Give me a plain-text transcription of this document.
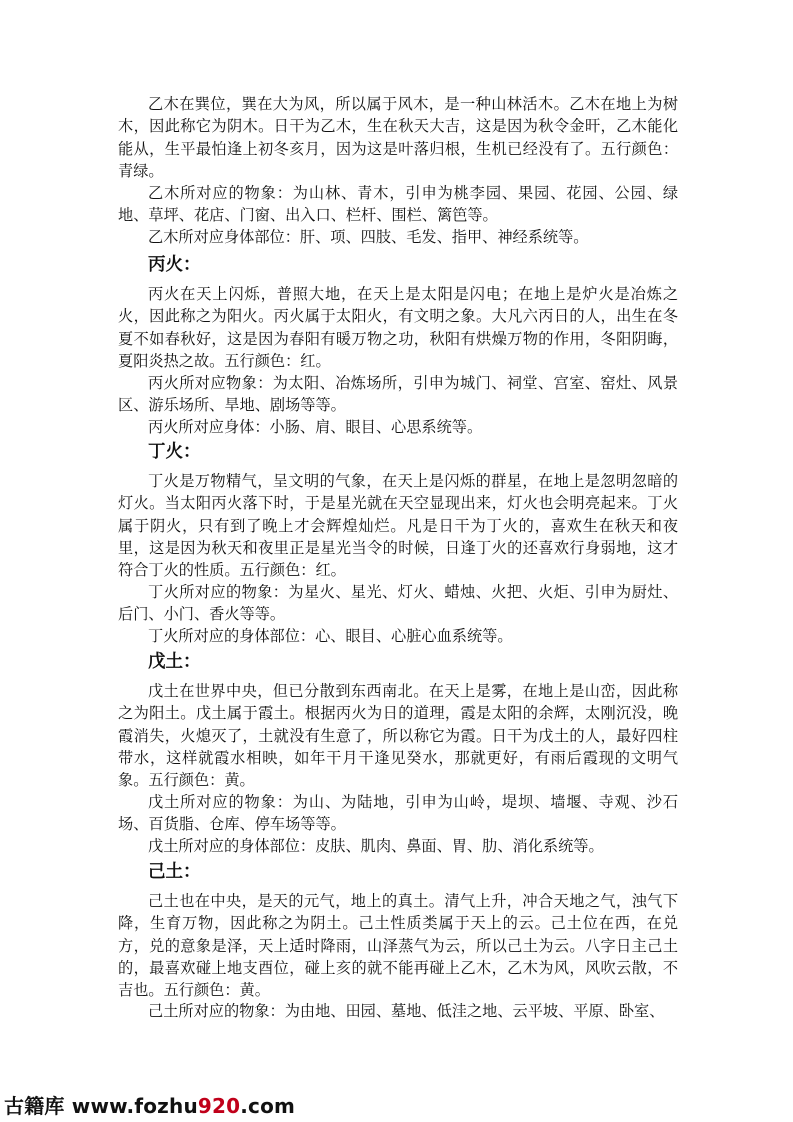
乙木在巽位，巽在大为风，所以属于风木，是一种山林活木。乙木在地上为树木，因此称它为阴木。日干为乙木，生在秋天大吉，这是因为秋令金旰，乙木能化能从，生平最怕逢上初冬亥月，因为这是叶落归根，生机已经没有了。五行颜色：青绿。

乙木所对应的物象：为山林、青木，引申为桃李园、果园、花园、公园、绿地、草坪、花店、门窗、出入口、栏杆、围栏、篱笆等。

乙木所对应身体部位：肝、项、四肢、毛发、指甲、神经系统等。

丙火：

丙火在天上闪烁，普照大地，在天上是太阳是闪电；在地上是炉火是冶炼之火，因此称之为阳火。丙火属于太阳火，有文明之象。大凡六丙日的人，出生在冬夏不如春秋好，这是因为春阳有暖万物之功，秋阳有烘燥万物的作用，冬阳阴晦，夏阳炎热之故。五行颜色：红。

丙火所对应物象：为太阳、冶炼场所，引申为城门、祠堂、宫室、窑灶、风景区、游乐场所、旱地、剧场等等。

丙火所对应身体：小肠、肩、眼目、心思系统等。

丁火：

丁火是万物精气，呈文明的气象，在天上是闪烁的群星，在地上是忽明忽暗的灯火。当太阳丙火落下时，于是星光就在天空显现出来，灯火也会明亮起来。丁火属于阴火，只有到了晚上才会辉煌灿烂。凡是日干为丁火的，喜欢生在秋天和夜里，这是因为秋天和夜里正是星光当令的时候，日逢丁火的还喜欢行身弱地，这才符合丁火的性质。五行颜色：红。

丁火所对应的物象：为星火、星光、灯火、蜡烛、火把、火炬、引申为厨灶、后门、小门、香火等等。

丁火所对应的身体部位：心、眼目、心脏心血系统等。

戊土：

戊土在世界中央，但已分散到东西南北。在天上是雾，在地上是山峦，因此称之为阳土。戊土属于霞土。根据丙火为日的道理，霞是太阳的余辉，太刚沉没，晚霞消失，火熄灭了，土就没有生意了，所以称它为霞。日干为戊土的人，最好四柱带水，这样就霞水相映，如年干月干逢见癸水，那就更好，有雨后霞现的文明气象。五行颜色：黄。

戊土所对应的物象：为山、为陆地，引申为山岭，堤坝、墙堰、寺观、沙石场、百货脂、仓库、停车场等等。

戊土所对应的身体部位：皮肤、肌肉、鼻面、胃、肋、消化系统等。

己土：

己土也在中央，是天的元气，地上的真土。清气上升，冲合天地之气，浊气下降，生育万物，因此称之为阴土。己土性质类属于天上的云。己土位在西，在兑方，兑的意象是泽，天上适时降雨，山泽蒸气为云，所以己土为云。八字日主己土的，最喜欢碰上地支酉位，碰上亥的就不能再碰上乙木，乙木为风，风吹云散，不吉也。五行颜色：黄。

己土所对应的物象：为由地、田园、墓地、低洼之地、云平坡、平原、卧室、

古籍库 www.fozhu920.com
